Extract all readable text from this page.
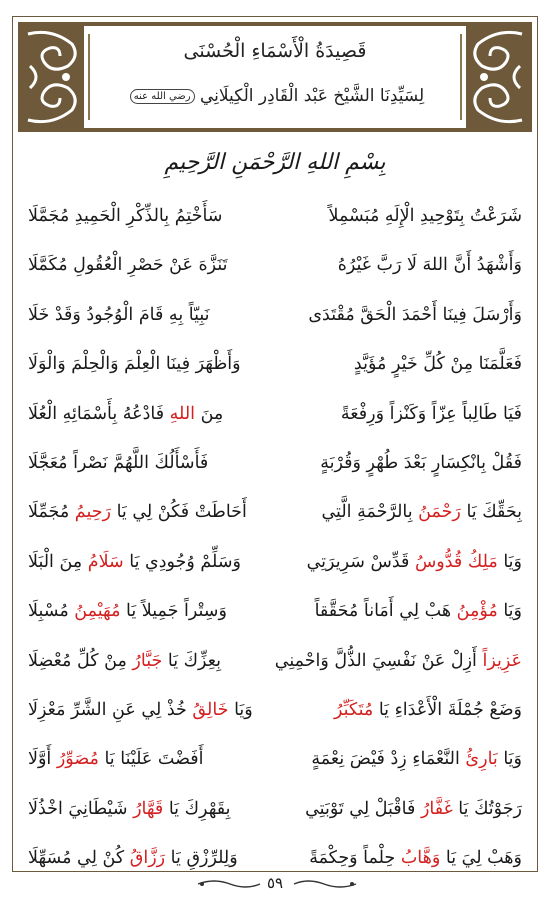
قَصِيدَةُ الْأَسْمَاءِ الْحُسْنَى
لِسَيِّدِنَا الشَّيْخ عَبْد الْقَادِر الْكِيلَانِي رضي الله عنه
بِسْمِ اللهِ الرَّحْمَنِ الرَّحِيمِ
شَرَعْتُ بِتَوْحِيدِ الْإِلَهِ مُبَسْمِلاً
سَأَخْتِمُ بِالذِّكْرِ الْحَمِيدِ مُجَمَّلَا
وَأَشْهَدُ أَنَّ اللهَ لَا رَبَّ غَيْرُهُ
تَنَزَّهَ عَنْ حَصْرِ الْعُقُولِ مُكَمَّلَا
وَأَرْسَلَ فِينَا أَحْمَدَ الْحَقَّ مُقْتَدَى
نَبِيّاً بِهِ قَامَ الْوُجُودُ وَقَدْ خَلَا
فَعَلَّمَنَا مِنْ كُلِّ خَيْرٍ مُؤَيَّدٍ
وَأَظْهَرَ فِينَا الْعِلْمَ وَالْحِلْمَ وَالْوَلَا
فَيَا طَالِباً عِزّاً وَكَنْزاً وَرِفْعَةً
مِنَ اللهِ فَادْعُهُ بِأَسْمَائِهِ الْعُلَا
فَقُلْ بِانْكِسَارٍ بَعْدَ طُهْرٍ وَقُرْبَةٍ
فَأَسْأَلُكَ اللَّهُمَّ نَصْراً مُعَجَّلَا
بِحَقِّكَ يَا رَحْمَنُ بِالرَّحْمَةِ الَّتِي
أَحَاطَتْ فَكُنْ لِي يَا رَحِيمُ مُجَمِّلَا
وَيَا مَلِكُ قُدُّوسُ قَدِّسْ سَرِيرَتِي
وَسَلِّمْ وُجُودِي يَا سَلَامُ مِنَ الْبَلَا
وَيَا مُؤْمِنُ هَبْ لِي أَمَاناً مُحَقَّقاً
وَسِتْراً جَمِيلاً يَا مُهَيْمِنُ مُسْبِلَا
عَزِيزاً أَزِلْ عَنْ نَفْسِيَ الذُّلَّ وَاحْمِنِي
بِعِزِّكَ يَا جَبَّارُ مِنْ كُلِّ مُعْضِلَا
وَضَعْ جُمْلَةَ الْأَعْدَاءِ يَا مُتَكَبِّرُ
وَيَا خَالِقُ خُذْ لِي عَنِ الشَّرِّ مَعْزِلَا
وَيَا بَارِئُ النَّعْمَاءِ زِدْ فَيْضَ نِعْمَةٍ
أَفَضْتَ عَلَيْنَا يَا مُصَوِّرُ أَوَّلَا
رَجَوْتُكَ يَا غَفَّارُ فَاقْبَلْ لِي تَوْبَتِي
بِقَهْرِكَ يَا قَهَّارُ شَيْطَانِيَ اخْذُلَا
وَهَبْ لِيَ يَا وَهَّابُ حِلْماً وَحِكْمَةً
وَلِلرِّزْقِ يَا رَزَّاقُ كُنْ لِي مُسَهِّلَا
٥٩
